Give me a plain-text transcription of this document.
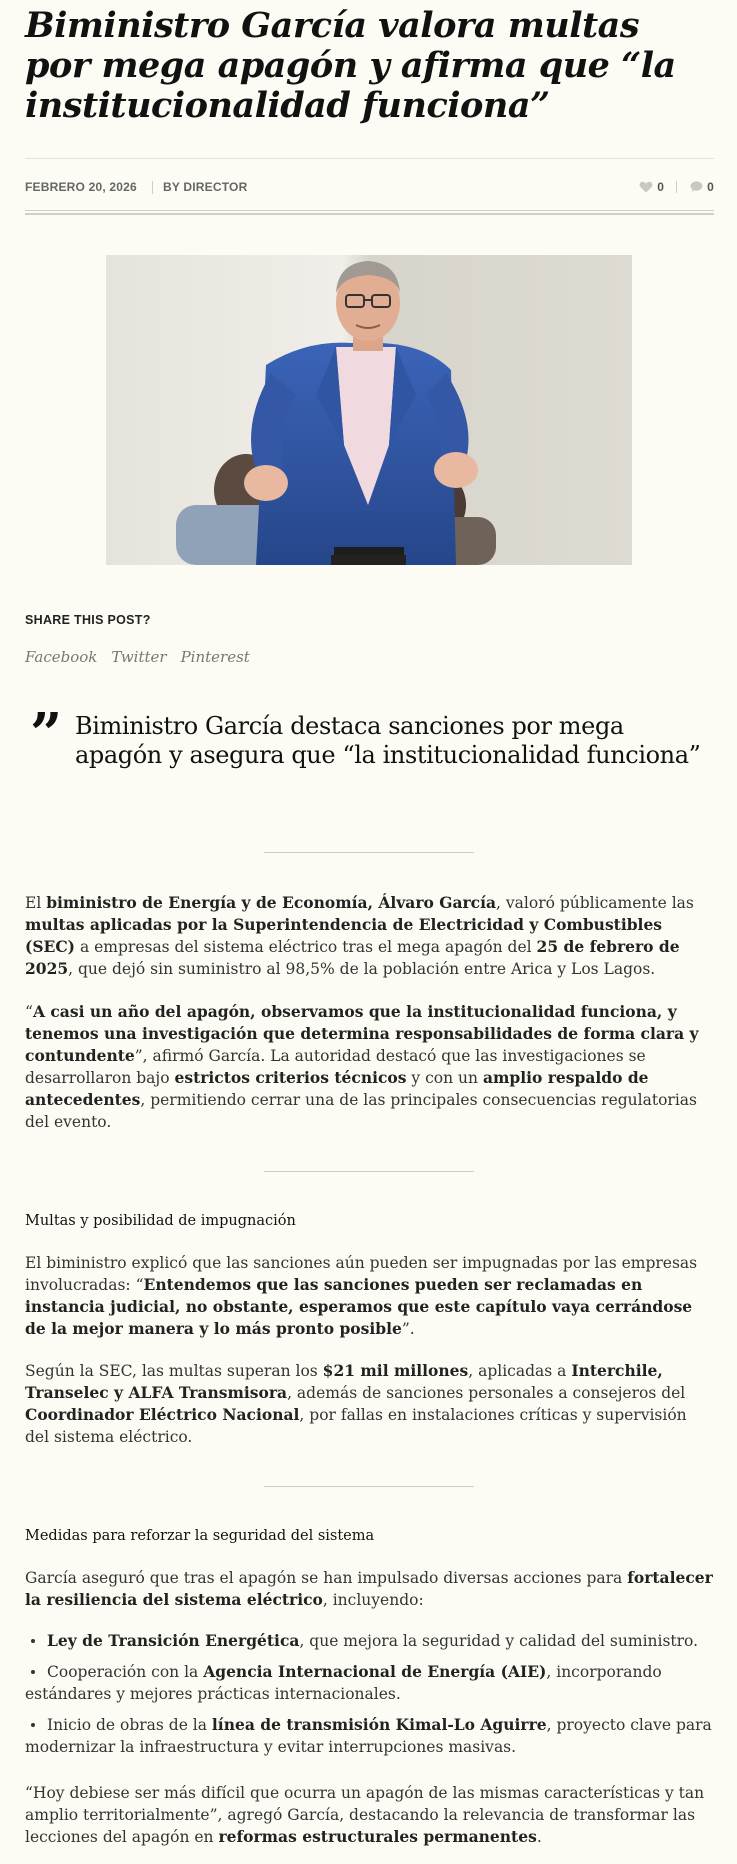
Biministro García valora multas por mega apagón y afirma que “la institucionalidad funciona”
FEBRERO 20, 2026 BY DIRECTOR	0	0
SHARE THIS POST?
Facebook Twitter Pinterest
” Biministro García destaca sanciones por mega apagón y asegura que “la institucionalidad funciona”

El biministro de Energía y de Economía, Álvaro García, valoró públicamente las multas aplicadas por la Superintendencia de Electricidad y Combustibles (SEC) a empresas del sistema eléctrico tras el mega apagón del 25 de febrero de 2025, que dejó sin suministro al 98,5% de la población entre Arica y Los Lagos.

“A casi un año del apagón, observamos que la institucionalidad funciona, y tenemos una investigación que determina responsabilidades de forma clara y contundente”, afirmó García. La autoridad destacó que las investigaciones se desarrollaron bajo estrictos criterios técnicos y con un amplio respaldo de antecedentes, permitiendo cerrar una de las principales consecuencias regulatorias del evento.

Multas y posibilidad de impugnación

El biministro explicó que las sanciones aún pueden ser impugnadas por las empresas involucradas: “Entendemos que las sanciones pueden ser reclamadas en instancia judicial, no obstante, esperamos que este capítulo vaya cerrándose de la mejor manera y lo más pronto posible”.

Según la SEC, las multas superan los $21 mil millones, aplicadas a Interchile, Transelec y ALFA Transmisora, además de sanciones personales a consejeros del Coordinador Eléctrico Nacional, por fallas en instalaciones críticas y supervisión del sistema eléctrico.

Medidas para reforzar la seguridad del sistema

García aseguró que tras el apagón se han impulsado diversas acciones para fortalecer la resiliencia del sistema eléctrico, incluyendo:

Ley de Transición Energética, que mejora la seguridad y calidad del suministro.
Cooperación con la Agencia Internacional de Energía (AIE), incorporando estándares y mejores prácticas internacionales.
Inicio de obras de la línea de transmisión Kimal-Lo Aguirre, proyecto clave para modernizar la infraestructura y evitar interrupciones masivas.

“Hoy debiese ser más difícil que ocurra un apagón de las mismas características y tan amplio territorialmente”, agregó García, destacando la relevancia de transformar las lecciones del apagón en reformas estructurales permanentes.
